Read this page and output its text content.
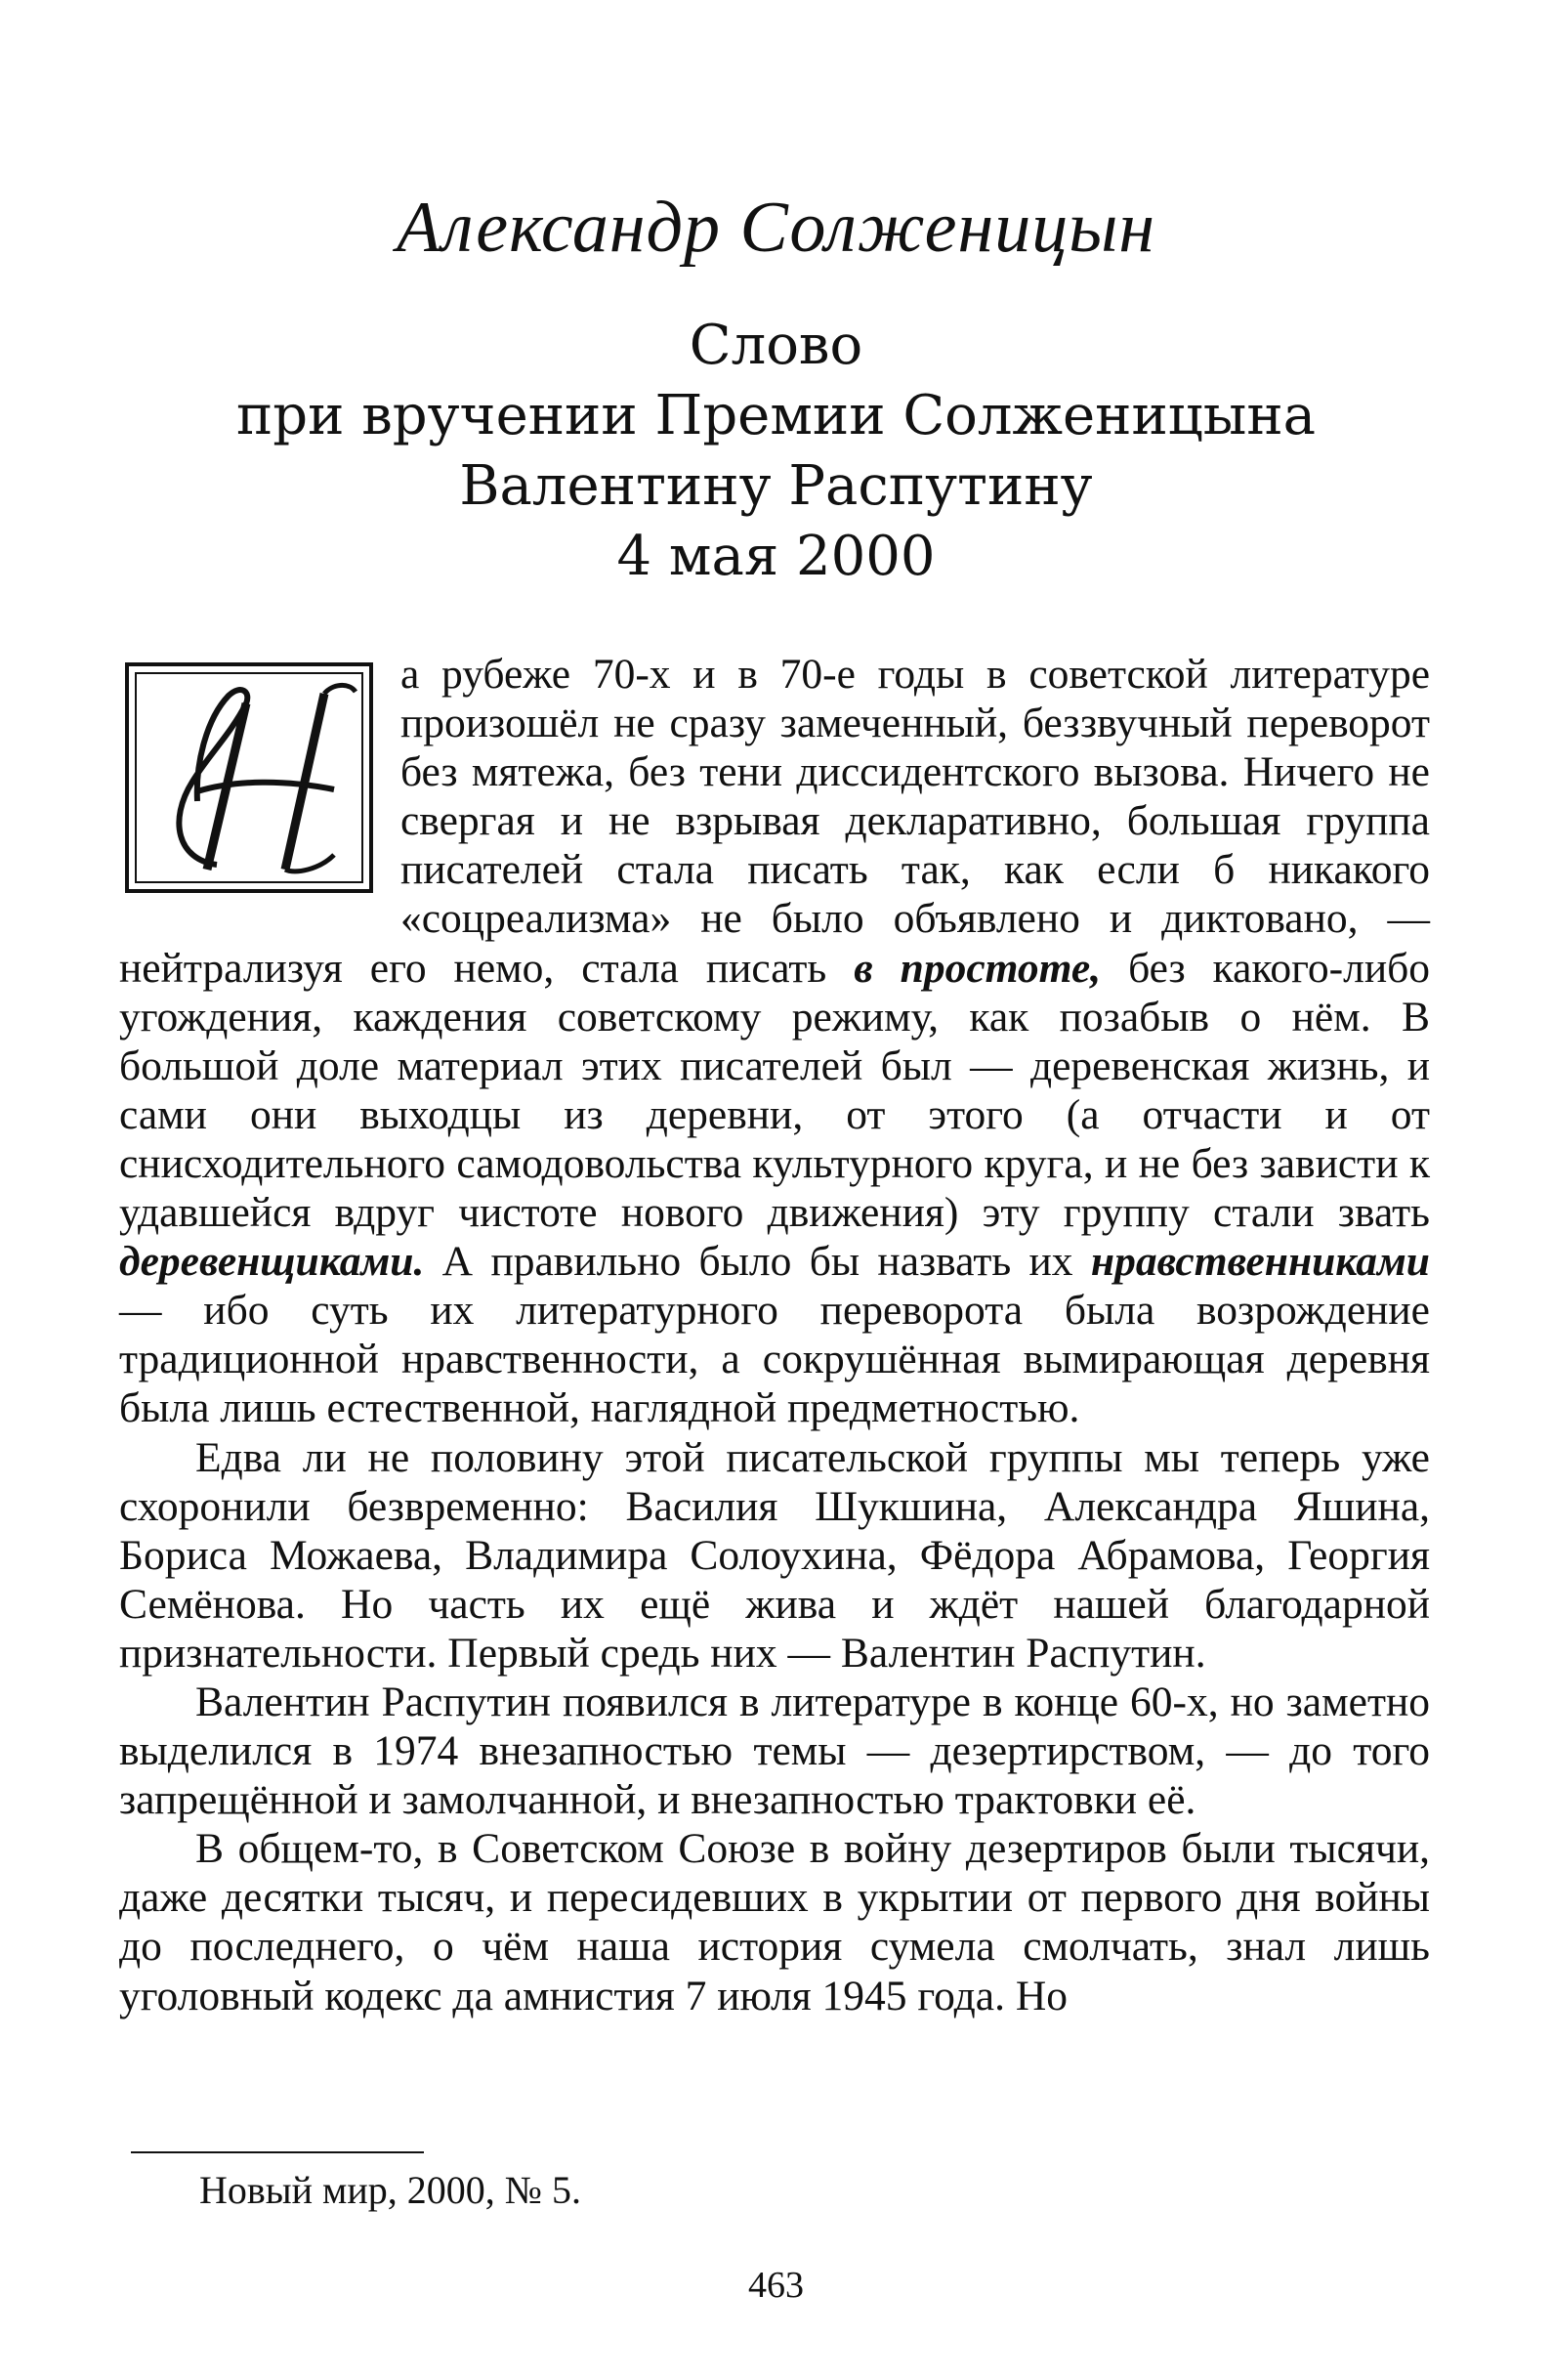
Александр Солженицын
Слово
при вручении Премии Солженицына
Валентину Распутину
4 мая 2000

а рубеже 70-х и в 70-е годы в советской литературе произошёл не сразу замеченный, беззвучный переворот без мятежа, без тени диссидентского вызова. Ничего не свергая и не взрывая декларативно, большая группа писателей стала писать так, как если б никакого «соцреализма» не было объявлено и диктовано, — нейтрализуя его немо, стала писать в простоте, без какого-либо угождения, каждения советскому режиму, как позабыв о нём. В большой доле материал этих писателей был — деревенская жизнь, и сами они выходцы из деревни, от этого (а отчасти и от снисходительного самодовольства культурного круга, и не без зависти к удавшейся вдруг чистоте нового движения) эту группу стали звать деревенщиками. А правильно было бы назвать их нравственниками — ибо суть их литературного переворота была возрождение традиционной нравственности, а сокрушённая вымирающая деревня была лишь естественной, наглядной предметностью.

Едва ли не половину этой писательской группы мы теперь уже схоронили безвременно: Василия Шукшина, Александра Яшина, Бориса Можаева, Владимира Солоухина, Фёдора Абрамова, Георгия Семёнова. Но часть их ещё жива и ждёт нашей благодарной признательности. Первый средь них — Валентин Распутин.

Валентин Распутин появился в литературе в конце 60-х, но заметно выделился в 1974 внезапностью темы — дезертирством, — до того запрещённой и замолчанной, и внезапностью трактовки её.

В общем-то, в Советском Союзе в войну дезертиров были тысячи, даже десятки тысяч, и пересидевших в укрытии от первого дня войны до последнего, о чём наша история сумела смолчать, знал лишь уголовный кодекс да амнистия 7 июля 1945 года. Но

Новый мир, 2000, № 5.
463
